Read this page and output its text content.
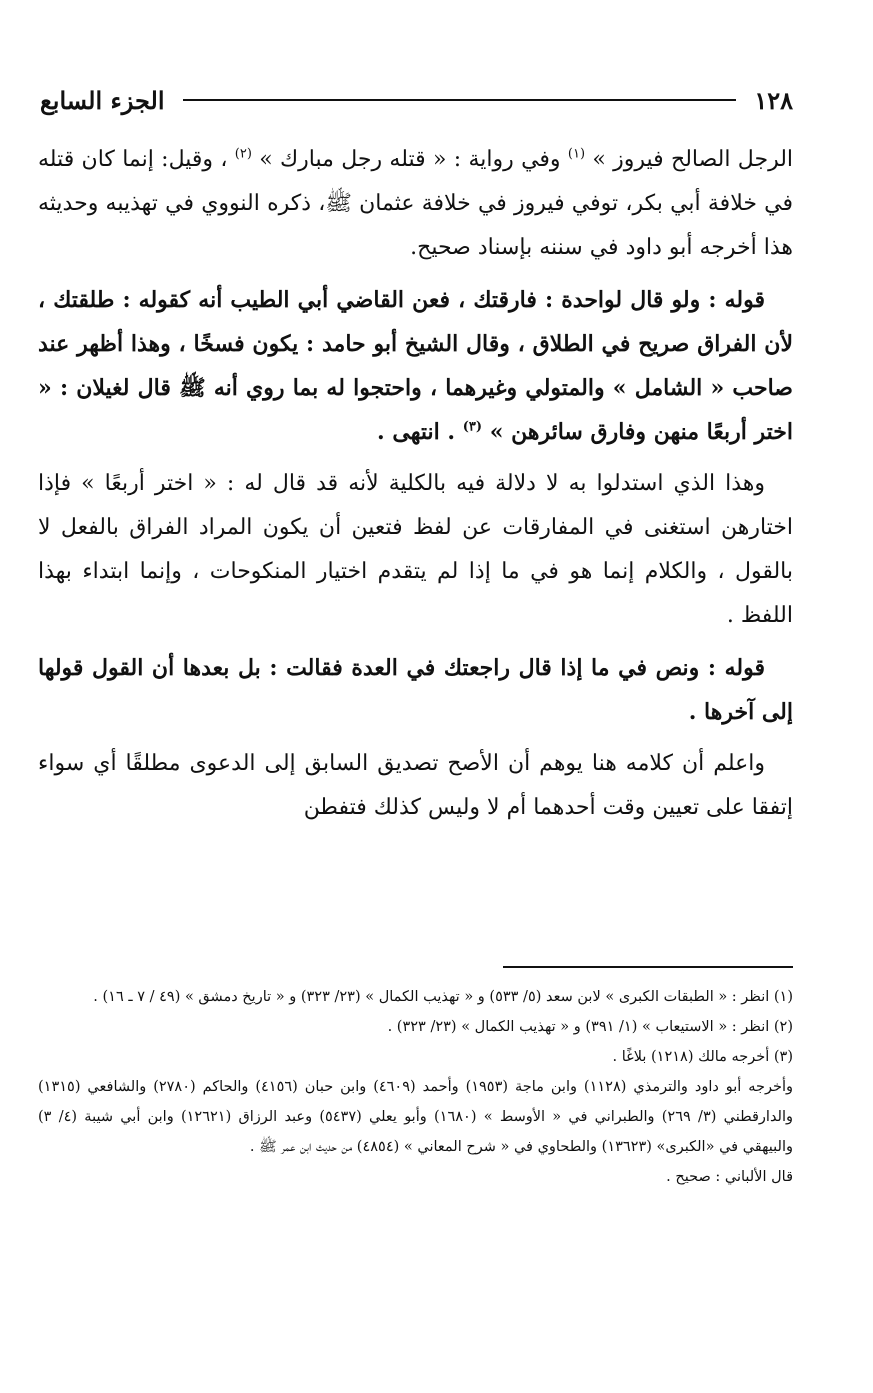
١٢٨
الجزء السابع

الرجل الصالح فيروز » $^{(١)}$ وفي رواية : « قتله رجل مبارك » $^{(٢)}$ ، وقيل: إنما كان قتله في خلافة أبي بكر، توفي فيروز في خلافة عثمان ﷺ، ذكره النووي في تهذيبه وحديثه هذا أخرجه أبو داود في سننه بإسناد صحيح.

قوله : ولو قال لواحدة : فارقتك ، فعن القاضي أبي الطيب أنه كقوله : طلقتك ، لأن الفراق صريح في الطلاق ، وقال الشيخ أبو حامد : يكون فسخًا ، وهذا أظهر عند صاحب « الشامل » والمتولي وغيرهما ، واحتجوا له بما روي أنه ﷺ قال لغيلان : « اختر أربعًا منهن وفارق سائرهن » $^{(٣)}$ . انتهى .

وهذا الذي استدلوا به لا دلالة فيه بالكلية لأنه قد قال له : « اختر أربعًا » فإذا اختارهن استغنى في المفارقات عن لفظ فتعين أن يكون المراد الفراق بالفعل لا بالقول ، والكلام إنما هو في ما إذا لم يتقدم اختيار المنكوحات ، وإنما ابتداء بهذا اللفظ .

قوله : ونص في ما إذا قال راجعتك في العدة فقالت : بل بعدها أن القول قولها إلى آخرها .

واعلم أن كلامه هنا يوهم أن الأصح تصديق السابق إلى الدعوى مطلقًا أي سواء إتفقا على تعيين وقت أحدهما أم لا وليس كذلك فتفطن

(١) انظر : « الطبقات الكبرى » لابن سعد (٥/ ٥٣٣) و « تهذيب الكمال » (٢٣/ ٣٢٣) و « تاريخ دمشق » (٤٩ / ٧ ـ ١٦) .

(٢) انظر : « الاستيعاب » (١/ ٣٩١) و « تهذيب الكمال » (٢٣/ ٣٢٣) .

(٣) أخرجه مالك (١٢١٨) بلاغًا .

وأخرجه أبو داود والترمذي (١١٢٨) وابن ماجة (١٩٥٣) وأحمد (٤٦٠٩) وابن حبان (٤١٥٦) والحاكم (٢٧٨٠) والشافعي (١٣١٥) والدارقطني (٣/ ٢٦٩) والطبراني في « الأوسط » (١٦٨٠) وأبو يعلي (٥٤٣٧) وعبد الرزاق (١٢٦٢١) وابن أبي شيبة (٤/ ٣) والبيهقي في «الكبرى» (١٣٦٢٣) والطحاوي في « شرح المعاني » (٤٨٥٤) من حديث ابن عمر ﷺ .

قال الألباني : صحيح .
